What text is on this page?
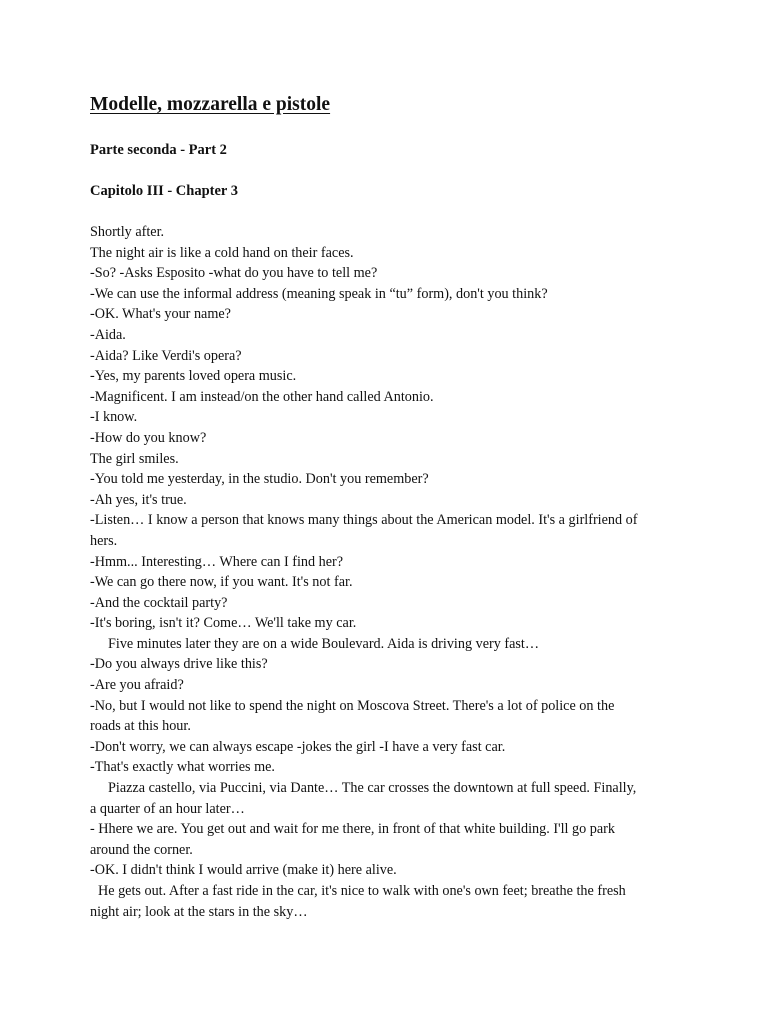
Modelle, mozzarella e pistole
Parte seconda - Part 2
Capitolo III - Chapter 3
Shortly after.
The night air is like a cold hand on their faces.
-So? -Asks Esposito -what do you have to tell me?
-We can use the informal address (meaning speak in “tu” form), don't you think?
-OK. What's your name?
-Aida.
-Aida? Like Verdi's opera?
-Yes, my parents loved opera music.
-Magnificent. I am instead/on the other hand called Antonio.
-I know.
-How do you know?
The girl smiles.
-You told me yesterday, in the studio. Don't you remember?
-Ah yes, it's true.
-Listen… I know a person that knows many things about the American model. It's a girlfriend of
hers.
-Hmm... Interesting… Where can I find her?
-We can go there now, if you want. It's not far.
-And the cocktail party?
-It's boring, isn't it? Come… We'll take my car.
Five minutes later they are on a wide Boulevard. Aida is driving very fast…
-Do you always drive like this?
-Are you afraid?
-No, but I would not like to spend the night on Moscova Street. There's a lot of police on the
roads at this hour.
-Don't worry, we can always escape -jokes the girl -I have a very fast car.
-That's exactly what worries me.
Piazza castello, via Puccini, via Dante… The car crosses the downtown at full speed. Finally,
a quarter of an hour later…
- Hhere we are. You get out and wait for me there, in front of that white building. I'll go park
around the corner.
-OK. I didn't think I would arrive (make it) here alive.
He gets out. After a fast ride in the car, it's nice to walk with one's own feet; breathe the fresh
night air; look at the stars in the sky…
